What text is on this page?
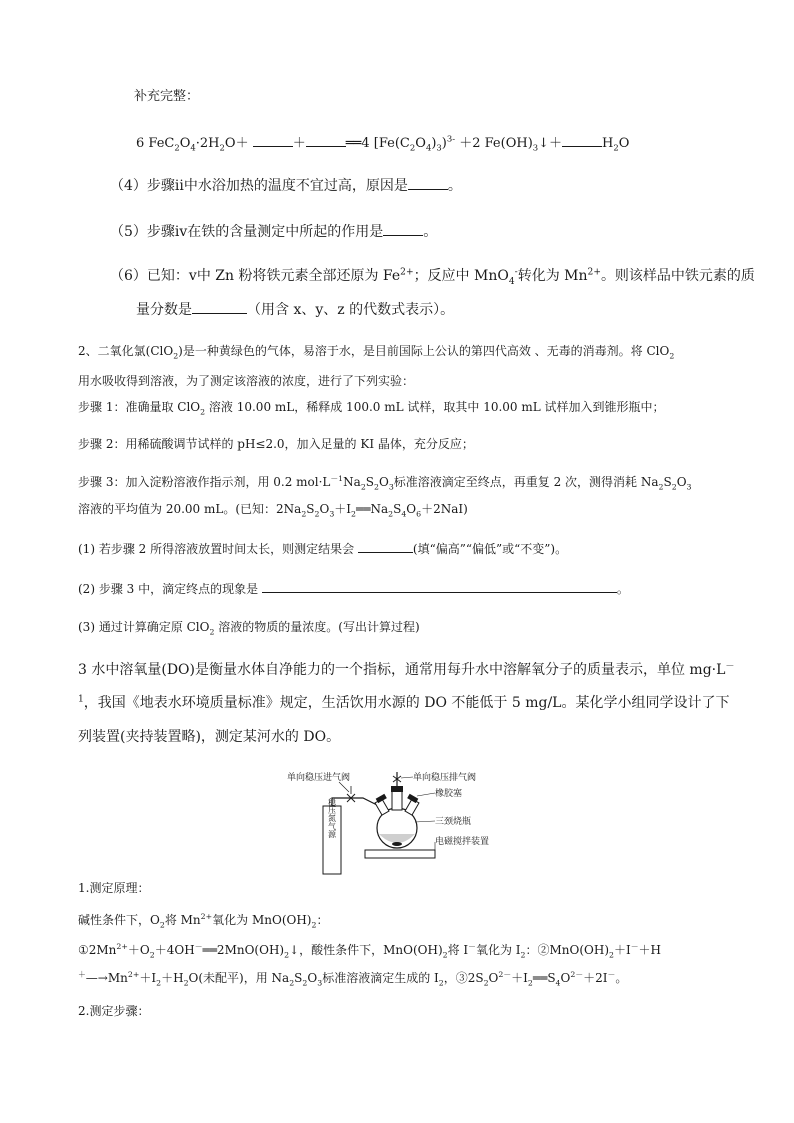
补充完整：
6 $FeC_2O_4\cdot 2H_2O+$	＋	══4 $[Fe(C_2O_4)_3)^{3-} +2$ $Fe(OH)_3↓+$	$H_2O$
（4）步骤ⅱ中水浴加热的温度不宜过高，原因是	。
（5）步骤ⅳ在铁的含量测定中所起的作用是	。
（6）已知：ⅴ中 Zn 粉将铁元素全部还原为 $Fe^{2+}$；反应中 MnO$_4$-转化为 $Mn^{2+}$。则该样品中铁元素的质
量分数是	（用含 x、y、z 的代数式表示）。
2、二氧化氯(ClO$_2$)是一种黄绿色的气体，易溶于水，是目前国际上公认的第四代高效 、无毒的消毒剂。将 ClO$_2$
用水吸收得到溶液，为了测定该溶液的浓度，进行了下列实验：
步骤 1：准确量取 ClO$_2$ 溶液 10.00 mL，稀释成 100.0 mL 试样，取其中 10.00 mL 试样加入到锥形瓶中；
步骤 2：用稀硫酸调节试样的 pH≤2.0，加入足量的 KI 晶体，充分反应；
步骤 3：加入淀粉溶液作指示剂，用 0.2 $mol\cdot L^{-1}Na_2S_2O_3$标准溶液滴定至终点，再重复 2 次，测得消耗 $Na_2S_2O_3$
溶液的平均值为 20.00 mL。(已知：$2Na_2S_2O_3+I_2══Na_2S_4O_6+2NaI$)
(1) 若步骤 2 所得溶液放置时间太长，则测定结果会	(填“偏高”“偏低”或“不变”)。
(2) 步骤 3 中，滴定终点的现象是	。
(3) 通过计算确定原 ClO$_2$ 溶液的物质的量浓度。(写出计算过程)
3 水中溶氧量(DO)是衡量水体自净能力的一个指标，通常用每升水中溶解氧分子的质量表示，单位 mg·L－
$^1$，我国《地表水环境质量标准》规定，生活饮用水源的 DO 不能低于 5 mg/L。某化学小组同学设计了下
列装置(夹持装置略)，测定某河水的 DO。
稳压氮气源
单向稳压进气阀	单向稳压排气阀
橡胶塞
三颈烧瓶
电磁搅拌装置
1.测定原理：
碱性条件下，$O_2$将 $Mn^{2+}$氧化为 $MnO(OH)_2$：
$①2Mn^{2+}+O_2+4OH^-══2MnO(OH)_2↓$，酸性条件下，$MnO(OH)_2$将 I－氧化为 $I_2$：$②MnO(OH)_2+I^-+H$
$^+—\to Mn^{2+}+I_2+H_2O$(未配平)，用 $Na_2S_2O_3$标准溶液滴定生成的 $I_2$，$③2S_2O^{2-}+I_2══S_4O^{2-}+2I^-$。
2.测定步骤：
